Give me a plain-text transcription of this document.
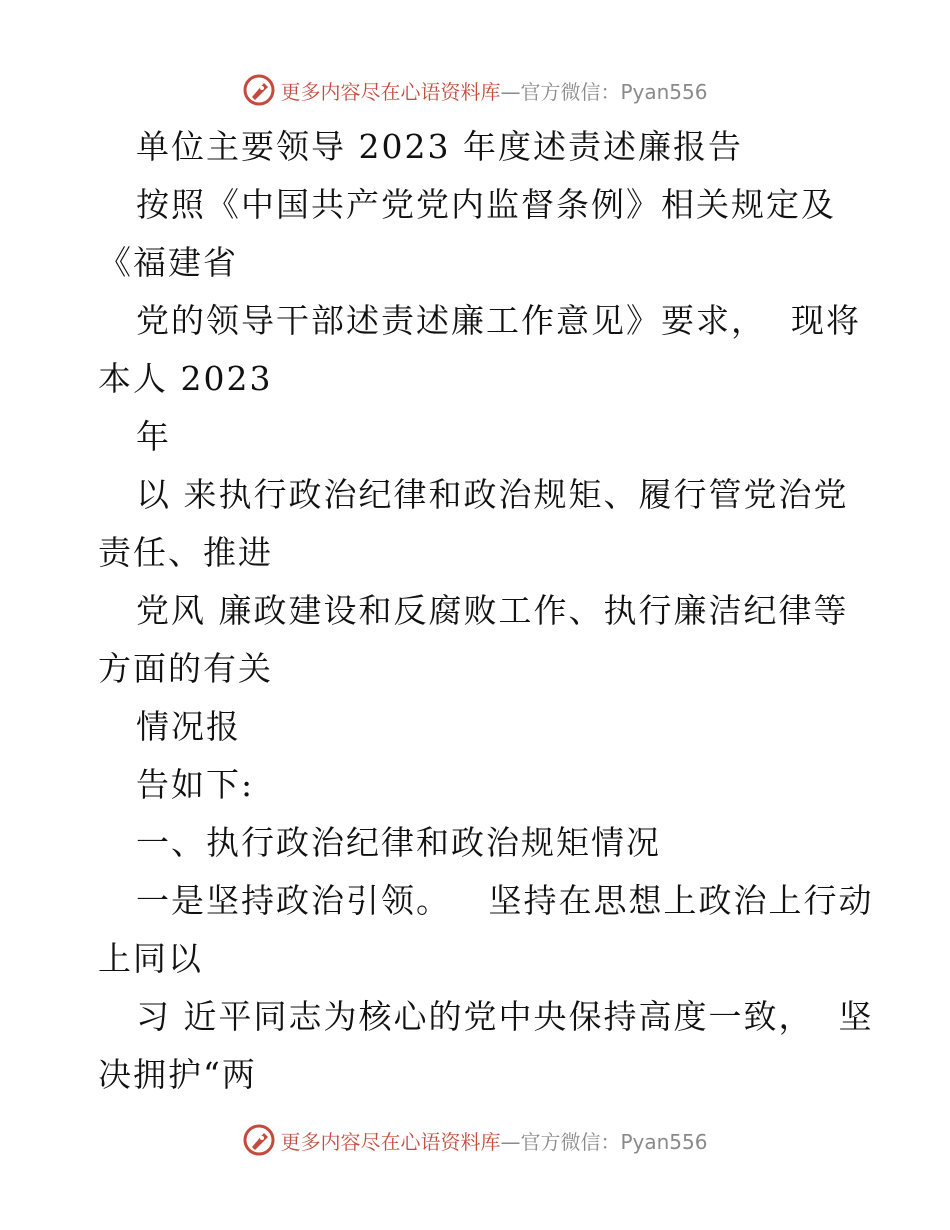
更多内容尽在心语资料库—官方微信：Pyan556
单位主要领导 2023 年度述责述廉报告
按照《中国共产党党内监督条例》相关规定及
《福建省
党的领导干部述责述廉工作意见》要求，  现将
本人 2023
年
以 来执行政治纪律和政治规矩、履行管党治党
责任、推进
党风 廉政建设和反腐败工作、执行廉洁纪律等
方面的有关
情况报
告如下:
一、执行政治纪律和政治规矩情况
一是坚持政治引领。   坚持在思想上政治上行动
上同以
习 近平同志为核心的党中央保持高度一致，  坚
决拥护“两
更多内容尽在心语资料库—官方微信：Pyan556
